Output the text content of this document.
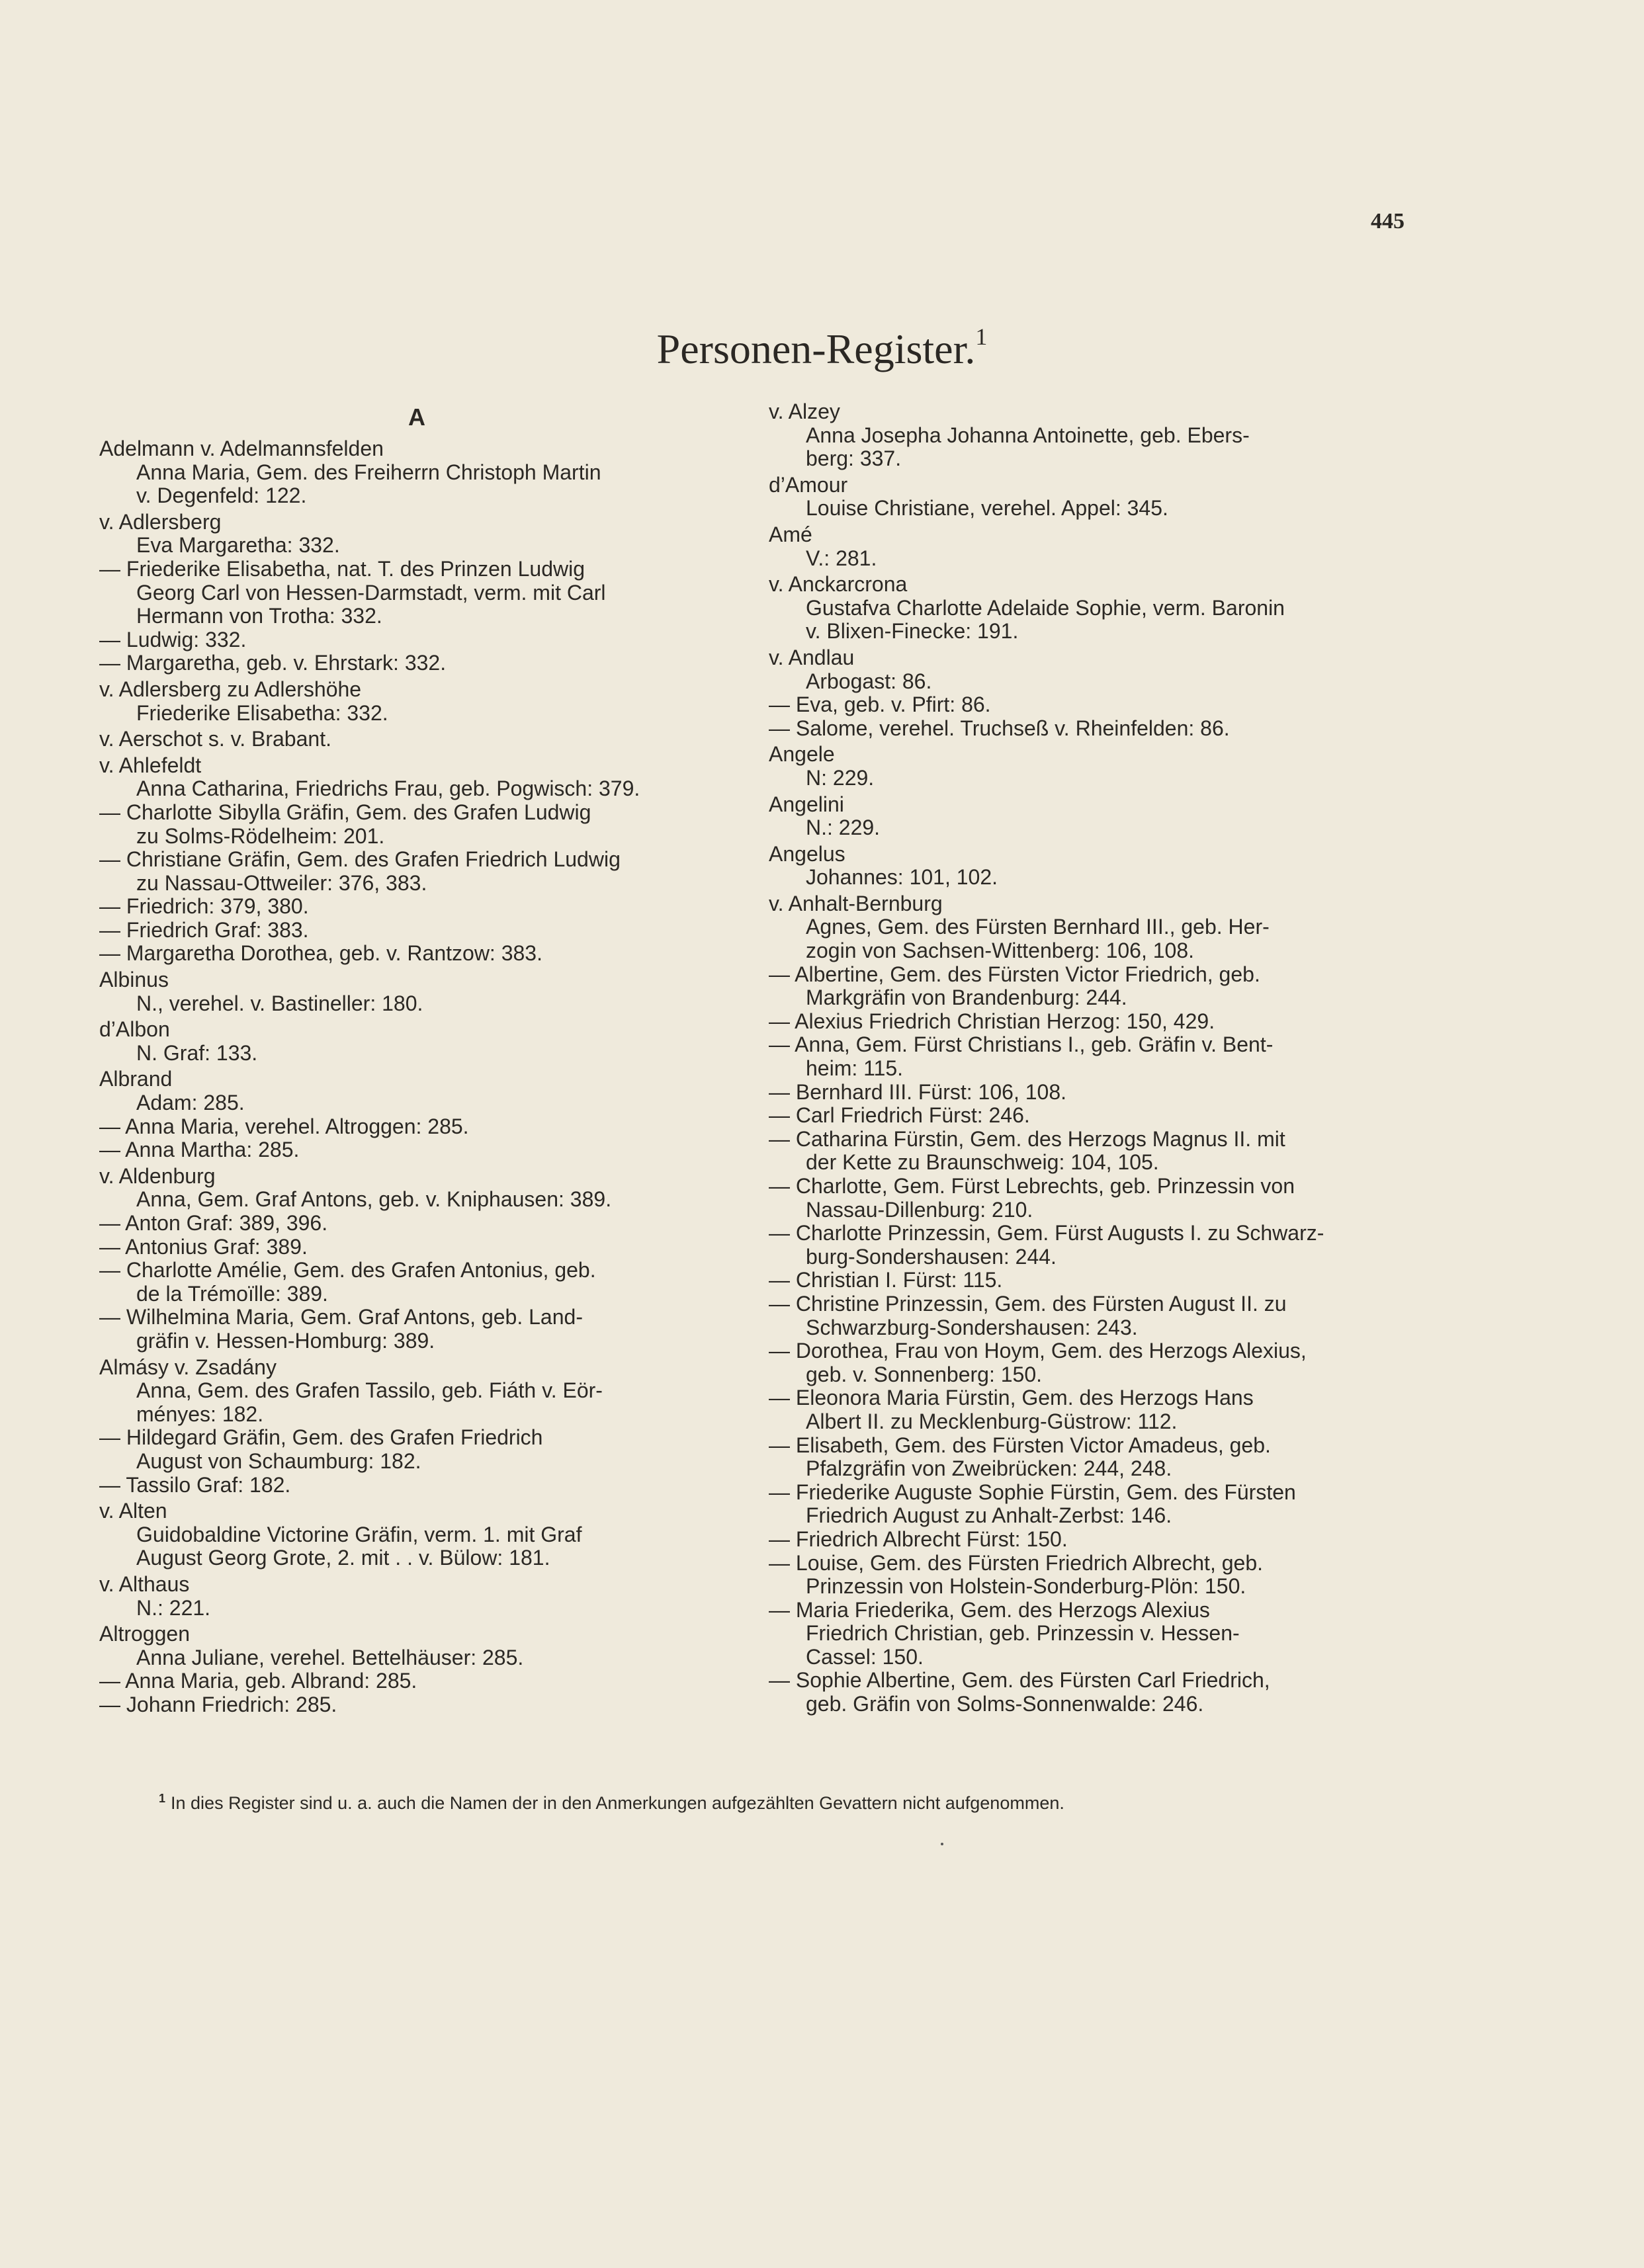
445
Personen-Register.$^1$
A
Adelmann v. Adelmannsfelden
Anna Maria, Gem. des Freiherrn Christoph Martin
v. Degenfeld: 122.
v. Adlersberg
Eva Margaretha: 332.
— Friederike Elisabetha, nat. T. des Prinzen Ludwig
Georg Carl von Hessen-Darmstadt, verm. mit Carl
Hermann von Trotha: 332.
— Ludwig: 332.
— Margaretha, geb. v. Ehrstark: 332.
v. Adlersberg zu Adlershöhe
Friederike Elisabetha: 332.
v. Aerschot s. v. Brabant.
v. Ahlefeldt
Anna Catharina, Friedrichs Frau, geb. Pogwisch: 379.
— Charlotte Sibylla Gräfin, Gem. des Grafen Ludwig
zu Solms-Rödelheim: 201.
— Christiane Gräfin, Gem. des Grafen Friedrich Ludwig
zu Nassau-Ottweiler: 376, 383.
— Friedrich: 379, 380.
— Friedrich Graf: 383.
— Margaretha Dorothea, geb. v. Rantzow: 383.
Albinus
N., verehel. v. Bastineller: 180.
d’Albon
N. Graf: 133.
Albrand
Adam: 285.
— Anna Maria, verehel. Altroggen: 285.
— Anna Martha: 285.
v. Aldenburg
Anna, Gem. Graf Antons, geb. v. Kniphausen: 389.
— Anton Graf: 389, 396.
— Antonius Graf: 389.
— Charlotte Amélie, Gem. des Grafen Antonius, geb.
de la Trémoïlle: 389.
— Wilhelmina Maria, Gem. Graf Antons, geb. Land-
gräfin v. Hessen-Homburg: 389.
Almásy v. Zsadány
Anna, Gem. des Grafen Tassilo, geb. Fiáth v. Eör-
ményes: 182.
— Hildegard Gräfin, Gem. des Grafen Friedrich
August von Schaumburg: 182.
— Tassilo Graf: 182.
v. Alten
Guidobaldine Victorine Gräfin, verm. 1. mit Graf
August Georg Grote, 2. mit . . v. Bülow: 181.
v. Althaus
N.: 221.
Altroggen
Anna Juliane, verehel. Bettelhäuser: 285.
— Anna Maria, geb. Albrand: 285.
— Johann Friedrich: 285.
v. Alzey
Anna Josepha Johanna Antoinette, geb. Ebers-
berg: 337.
d’Amour
Louise Christiane, verehel. Appel: 345.
Amé
V.: 281.
v. Anckarcrona
Gustafva Charlotte Adelaide Sophie, verm. Baronin
v. Blixen-Finecke: 191.
v. Andlau
Arbogast: 86.
— Eva, geb. v. Pfirt: 86.
— Salome, verehel. Truchseß v. Rheinfelden: 86.
Angele
N: 229.
Angelini
N.: 229.
Angelus
Johannes: 101, 102.
v. Anhalt-Bernburg
Agnes, Gem. des Fürsten Bernhard III., geb. Her-
zogin von Sachsen-Wittenberg: 106, 108.
— Albertine, Gem. des Fürsten Victor Friedrich, geb.
Markgräfin von Brandenburg: 244.
— Alexius Friedrich Christian Herzog: 150, 429.
— Anna, Gem. Fürst Christians I., geb. Gräfin v. Bent-
heim: 115.
— Bernhard III. Fürst: 106, 108.
— Carl Friedrich Fürst: 246.
— Catharina Fürstin, Gem. des Herzogs Magnus II. mit
der Kette zu Braunschweig: 104, 105.
— Charlotte, Gem. Fürst Lebrechts, geb. Prinzessin von
Nassau-Dillenburg: 210.
— Charlotte Prinzessin, Gem. Fürst Augusts I. zu Schwarz-
burg-Sondershausen: 244.
— Christian I. Fürst: 115.
— Christine Prinzessin, Gem. des Fürsten August II. zu
Schwarzburg-Sondershausen: 243.
— Dorothea, Frau von Hoym, Gem. des Herzogs Alexius,
geb. v. Sonnenberg: 150.
— Eleonora Maria Fürstin, Gem. des Herzogs Hans
Albert II. zu Mecklenburg-Güstrow: 112.
— Elisabeth, Gem. des Fürsten Victor Amadeus, geb.
Pfalzgräfin von Zweibrücken: 244, 248.
— Friederike Auguste Sophie Fürstin, Gem. des Fürsten
Friedrich August zu Anhalt-Zerbst: 146.
— Friedrich Albrecht Fürst: 150.
— Louise, Gem. des Fürsten Friedrich Albrecht, geb.
Prinzessin von Holstein-Sonderburg-Plön: 150.
— Maria Friederika, Gem. des Herzogs Alexius
Friedrich Christian, geb. Prinzessin v. Hessen-
Cassel: 150.
— Sophie Albertine, Gem. des Fürsten Carl Friedrich,
geb. Gräfin von Solms-Sonnenwalde: 246.
$^1$ In dies Register sind u. a. auch die Namen der in den Anmerkungen aufgezählten Gevattern nicht aufgenommen.
